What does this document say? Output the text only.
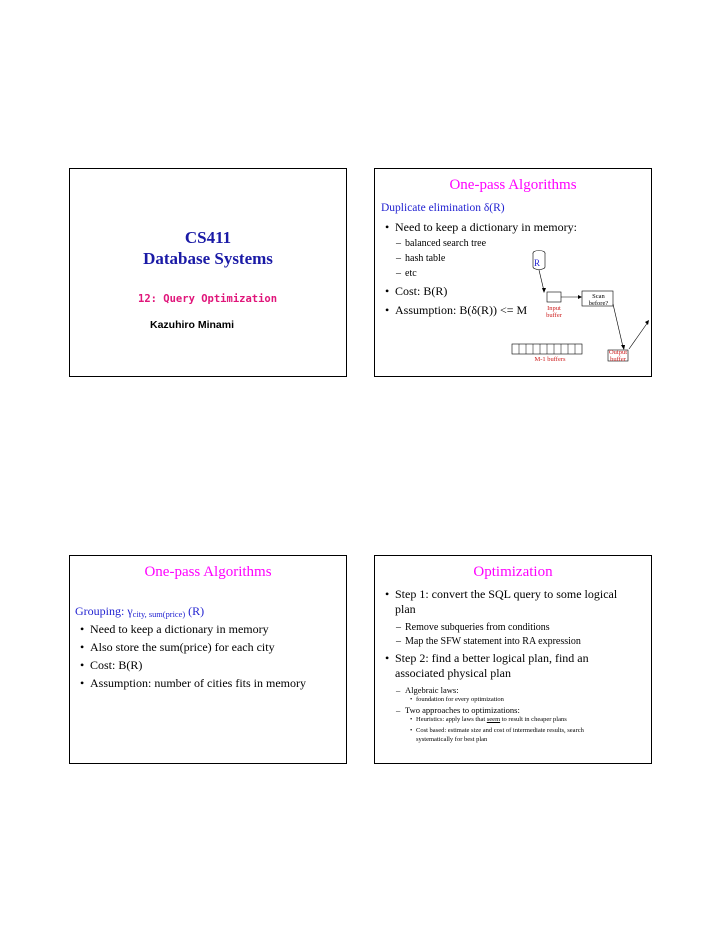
CS411
Database Systems
12: Query Optimization
Kazuhiro Minami
One-pass Algorithms
Duplicate elimination δ(R)
• Need to keep a dictionary in memory:
– balanced search tree
– hash table
– etc
• Cost: B(R)
• Assumption: B(δ(R)) <= M
R
Scan
before?
Input
buffer
M-1 buffers
Output
buffer
One-pass Algorithms
Grouping: $\gamma_{city, sum(price)}$ (R)
• Need to keep a dictionary in memory
• Also store the sum(price) for each city
• Cost: B(R)
• Assumption: number of cities fits in memory
Optimization
• Step 1: convert the SQL query to some logical
plan
– Remove subqueries from conditions
– Map the SFW statement into RA expression
• Step 2: find a better logical plan, find an
associated physical plan
– Algebraic laws:
• foundation for every optimization
– Two approaches to optimizations:
• Heuristics: apply laws that seem to result in cheaper plans
• Cost based: estimate size and cost of intermediate results, search
systematically for best plan
